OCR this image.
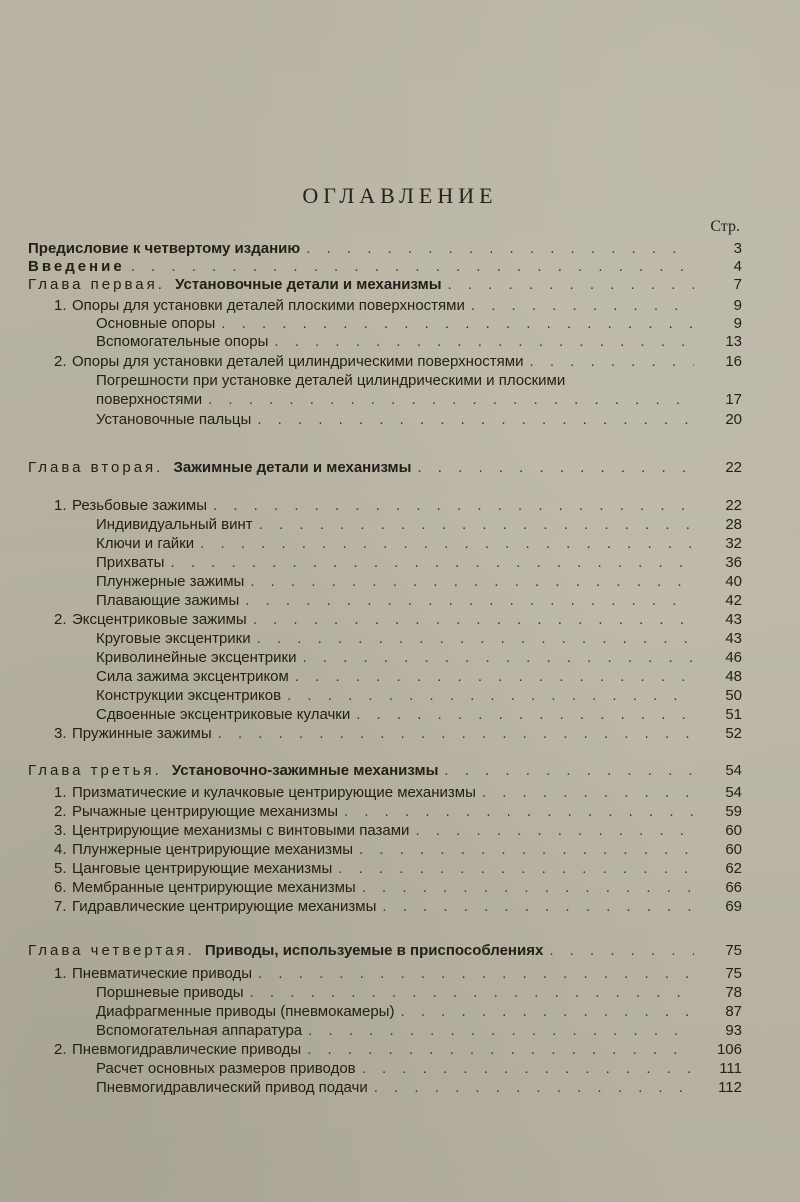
ОГЛАВЛЕНИЕ
Стр.
Предисловие к четвертому изданию . . .	3
Введение . . .	4
Глава первая. Установочные детали и механизмы . . .	7
1. Опоры для установки деталей плоскими поверхностями . . .	9
Основные опоры . . .	9
Вспомогательные опоры . . .	13
2. Опоры для установки деталей цилиндрическими поверхностями . . .	16
Погрешности при установке деталей цилиндрическими и плоскими
поверхностями . . .	17
Установочные пальцы . . .	20
Глава вторая. Зажимные детали и механизмы . . .	22
1. Резьбовые зажимы . . .	22
Индивидуальный винт . . .	28
Ключи и гайки . . .	32
Прихваты . . .	36
Плунжерные зажимы . . .	40
Плавающие зажимы . . .	42
2. Эксцентриковые зажимы . . .	43
Круговые эксцентрики . . .	43
Криволинейные эксцентрики . . .	46
Сила зажима эксцентриком . . .	48
Конструкции эксцентриков . . .	50
Сдвоенные эксцентриковые кулачки . . .	51
3. Пружинные зажимы . . .	52
Глава третья. Установочно-зажимные механизмы . . .	54
1. Призматические и кулачковые центрирующие механизмы . . .	54
2. Рычажные центрирующие механизмы . . .	59
3. Центрирующие механизмы с винтовыми пазами . . .	60
4. Плунжерные центрирующие механизмы . . .	60
5. Цанговые центрирующие механизмы . . .	62
6. Мембранные центрирующие механизмы . . .	66
7. Гидравлические центрирующие механизмы . . .	69
Глава четвертая. Приводы, используемые в приспособлениях . . .	75
1. Пневматические приводы . . .	75
Поршневые приводы . . .	78
Диафрагменные приводы (пневмокамеры) . . .	87
Вспомогательная аппаратура . . .	93
2. Пневмогидравлические приводы . . .	106
Расчет основных размеров приводов . . .	111
Пневмогидравлический привод подачи . . .	112
